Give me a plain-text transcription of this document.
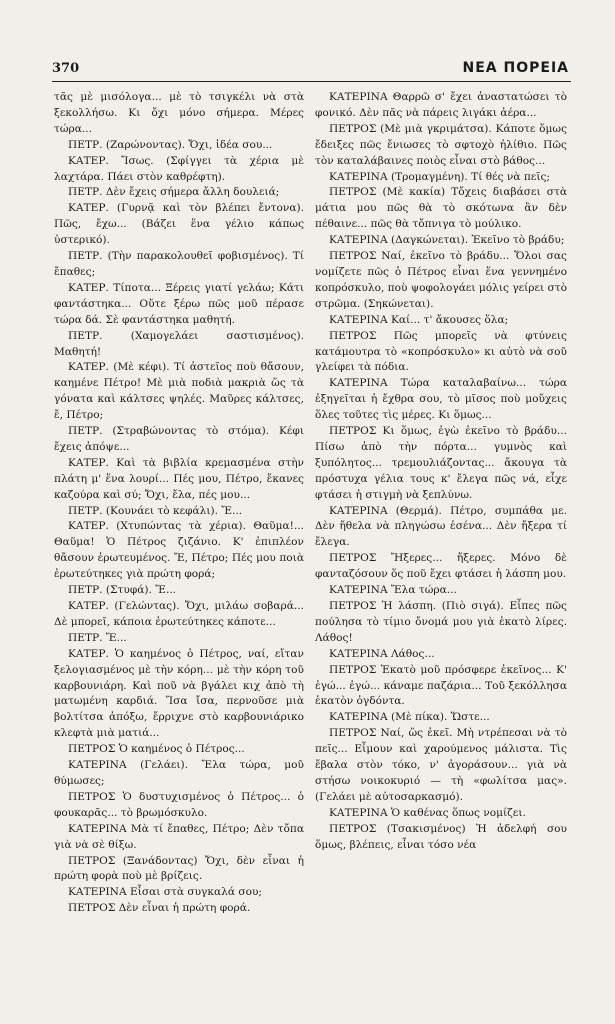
370	ΝΕΑ ΠΟΡΕΙΑ

τᾶς μὲ μισόλογα... μὲ τὸ τσιγκέλι νὰ στὰ ξεκολλήσω. Κι ὄχι μόνο σήμερα. Μέρες τώρα...

ΠΕΤΡ. (Ζαρώνοντας). Ὄχι, ἰδέα σου...

ΚΑΤΕΡ. Ἴσως. (Σφίγγει τὰ χέρια μὲ λαχτάρα. Πάει στὸν καθρέφτη).

ΠΕΤΡ. Δὲν ἔχεις σήμερα ἄλλη δουλειά;

ΚΑΤΕΡ. (Γυρνᾷ καὶ τὸν βλέπει ἔντονα). Πῶς, ἔχω... (Βάζει ἕνα γέλιο κάπως ὑστερικό).

ΠΕΤΡ. (Τὴν παρακολουθεῖ φοβισμένος). Τί ἔπαθες;

ΚΑΤΕΡ. Τίποτα... Ξέρεις γιατί γελάω; Κάτι φαντάστηκα... Οὔτε ξέρω πῶς μοῦ πέρασε τώρα δά. Σὲ φαντάστηκα μαθητή.

ΠΕΤΡ. (Χαμογελάει σαστισμένος). Μαθητή!

ΚΑΤΕΡ. (Μὲ κέφι). Τί ἀστεῖος ποὺ θἄσουν, καημένε Πέτρο! Μὲ μιὰ ποδιὰ μακριὰ ὥς τὰ γόνατα καὶ κάλτσες ψηλές. Μαῦρες κάλτσες, ἔ, Πέτρο;

ΠΕΤΡ. (Στραβώνοντας τὸ στόμα). Κέφι ἔχεις ἀπόψε...

ΚΑΤΕΡ. Καὶ τὰ βιβλία κρεμασμένα στὴν πλάτη μ' ἕνα λουρί... Πές μου, Πέτρο, ἔκανες καζούρα καὶ σύ; Ὄχι, ἔλα, πές μου...

ΠΕΤΡ. (Κουνάει τὸ κεφάλι). Ἔ...

ΚΑΤΕΡ. (Χτυπώντας τὰ χέρια). Θαῦμα!... Θαῦμα! Ὁ Πέτρος ζιζάνιο. Κ' ἐπιπλέον θἄσουν ἐρωτευμένος. Ἔ, Πέτρο; Πές μου ποιὰ ἐρωτεύτηκες γιὰ πρώτη φορά;

ΠΕΤΡ. (Στυφά). Ἔ...

ΚΑΤΕΡ. (Γελώντας). Ὄχι, μιλάω σοβαρά... Δὲ μπορεῖ, κάποια ἐρωτεύτηκες κάποτε...

ΠΕΤΡ. Ἔ...

ΚΑΤΕΡ. Ὁ καημένος ὁ Πέτρος, ναί, εἴταν ξελογιασμένος μὲ τὴν κόρη... μὲ τὴν κόρη τοῦ καρβουνιάρη. Καὶ ποῦ νὰ βγάλει κιχ ἀπὸ τὴ ματωμένη καρδιά. Ἴσα ἴσα, περνοῦσε μιὰ βολτίτσα ἀπόξω, ἔρριχνε στὸ καρβουνιάρικο κλεφτὰ μιὰ ματιά...

ΠΕΤΡΟΣ Ὁ καημένος ὁ Πέτρος...

ΚΑΤΕΡΙΝΑ (Γελάει). Ἔλα τώρα, μοῦ θύμωσες;

ΠΕΤΡΟΣ Ὁ δυστυχισμένος ὁ Πέτρος... ὁ φουκαρᾶς... τὸ βρωμόσκυλο.

ΚΑΤΕΡΙΝΑ Μὰ τί ἔπαθες, Πέτρο; Δὲν τὄπα γιὰ νὰ σὲ θίξω.

ΠΕΤΡΟΣ (Ξανάδοντας) Ὄχι, δὲν εἶναι ἡ πρώτη φορὰ ποὺ μὲ βρίζεις.

ΚΑΤΕΡΙΝΑ Εἶσαι στὰ συγκαλά σου;

ΠΕΤΡΟΣ Δὲν εἶναι ἡ πρώτη φορά.

ΚΑΤΕΡΙΝΑ Θαρρῶ σ' ἔχει ἀναστατώσει τὸ φονικό. Δὲν πᾶς νὰ πάρεις λιγάκι ἀέρα...

ΠΕΤΡΟΣ (Μὲ μιὰ γκριμάτσα). Κάποτε ὅμως ἔδειξες πῶς ἔνιωσες τὸ σφτοχὸ ἠλίθιο. Πῶς τὸν καταλάβαινες ποιὸς εἶναι στὸ βάθος...

ΚΑΤΕΡΙΝΑ (Τρομαγμένη). Τί θές νὰ πεῖς;

ΠΕΤΡΟΣ (Μὲ κακία) Τὄχεις διαβάσει στὰ μάτια μου πῶς θὰ τὸ σκότωνα ἂν δὲν πέθαινε... πῶς θὰ τὄπνιγα τὸ μούλικο.

ΚΑΤΕΡΙΝΑ (Δαγκώνεται). Ἐκεῖνο τὸ βράδυ;

ΠΕΤΡΟΣ Ναί, ἐκεῖνο τὸ βράδυ... Ὅλοι σας νομίζετε πῶς ὁ Πέτρος εἶναι ἕνα γεννημένο κοπρόσκυλο, ποὺ ψοφολογάει μόλις γείρει στὸ στρῶμα. (Σηκώνεται).

ΚΑΤΕΡΙΝΑ Καί... τ' ἄκουσες ὅλα;

ΠΕΤΡΟΣ Πῶς μπορεῖς νὰ φτύνεις κατάμουτρα τὸ «κοπρόσκυλο» κι αὐτὸ νὰ σοῦ γλείφει τὰ πόδια.

ΚΑΤΕΡΙΝΑ Τώρα καταλαβαίνω... τώρα ἐξηγεῖται ἡ ἔχθρα σου, τὸ μῖσος ποὺ μοὔχεις ὅλες τοῦτες τὶς μέρες. Κι ὅμως...

ΠΕΤΡΟΣ Κι ὅμως, ἐγὼ ἐκεῖνο τὸ βράδυ... Πίσω ἀπὸ τὴν πόρτα... γυμνὸς καὶ ξυπόλητος... τρεμουλιάζοντας... ἄκουγα τὰ πρόστυχα γέλια τους κ' ἔλεγα πῶς νά, εἶχε φτάσει ἡ στιγμὴ νὰ ξεπλύνω.

ΚΑΤΕΡΙΝΑ (Θερμά). Πέτρο, συμπάθα με. Δὲν ἤθελα νὰ πληγώσω ἐσένα... Δὲν ἤξερα τί ἔλεγα.

ΠΕΤΡΟΣ Ἤξερες... ἤξερες. Μόνο δὲ φανταζόσουν ὅς ποῦ ἔχει φτάσει ἡ λάσπη μου.

ΚΑΤΕΡΙΝΑ Ἔλα τώρα...

ΠΕΤΡΟΣ Ἡ λάσπη. (Πιὸ σιγά). Εἶπες πῶς πούλησα τὸ τίμιο ὄνομά μου γιὰ ἑκατὸ λίρες. Λάθος!

ΚΑΤΕΡΙΝΑ Λάθος...

ΠΕΤΡΟΣ Ἑκατὸ μοῦ πρόσφερε ἐκεῖνος... Κ' ἐγώ... ἐγώ... κάναμε παζάρια... Τοῦ ξεκόλλησα ἑκατὸν ὀγδόντα.

ΚΑΤΕΡΙΝΑ (Μὲ πίκα). Ὥστε...

ΠΕΤΡΟΣ Ναί, ὥς ἐκεῖ. Μὴ ντρέπεσαι νὰ τὸ πεῖς... Εἶμουν καὶ χαρούμενος μάλιστα. Τὶς ἔβαλα στὸν τόκο, ν' ἀγοράσουν... γιὰ νὰ στήσω νοικοκυριό — τὴ «φωλίτσα μας». (Γελάει μὲ αὐτοσαρκασμό).

ΚΑΤΕΡΙΝΑ Ὁ καθένας ὅπως νομίζει.

ΠΕΤΡΟΣ (Τσακισμένος) Ἡ ἀδελφή σου ὅμως, βλέπεις, εἶναι τόσο νέα
